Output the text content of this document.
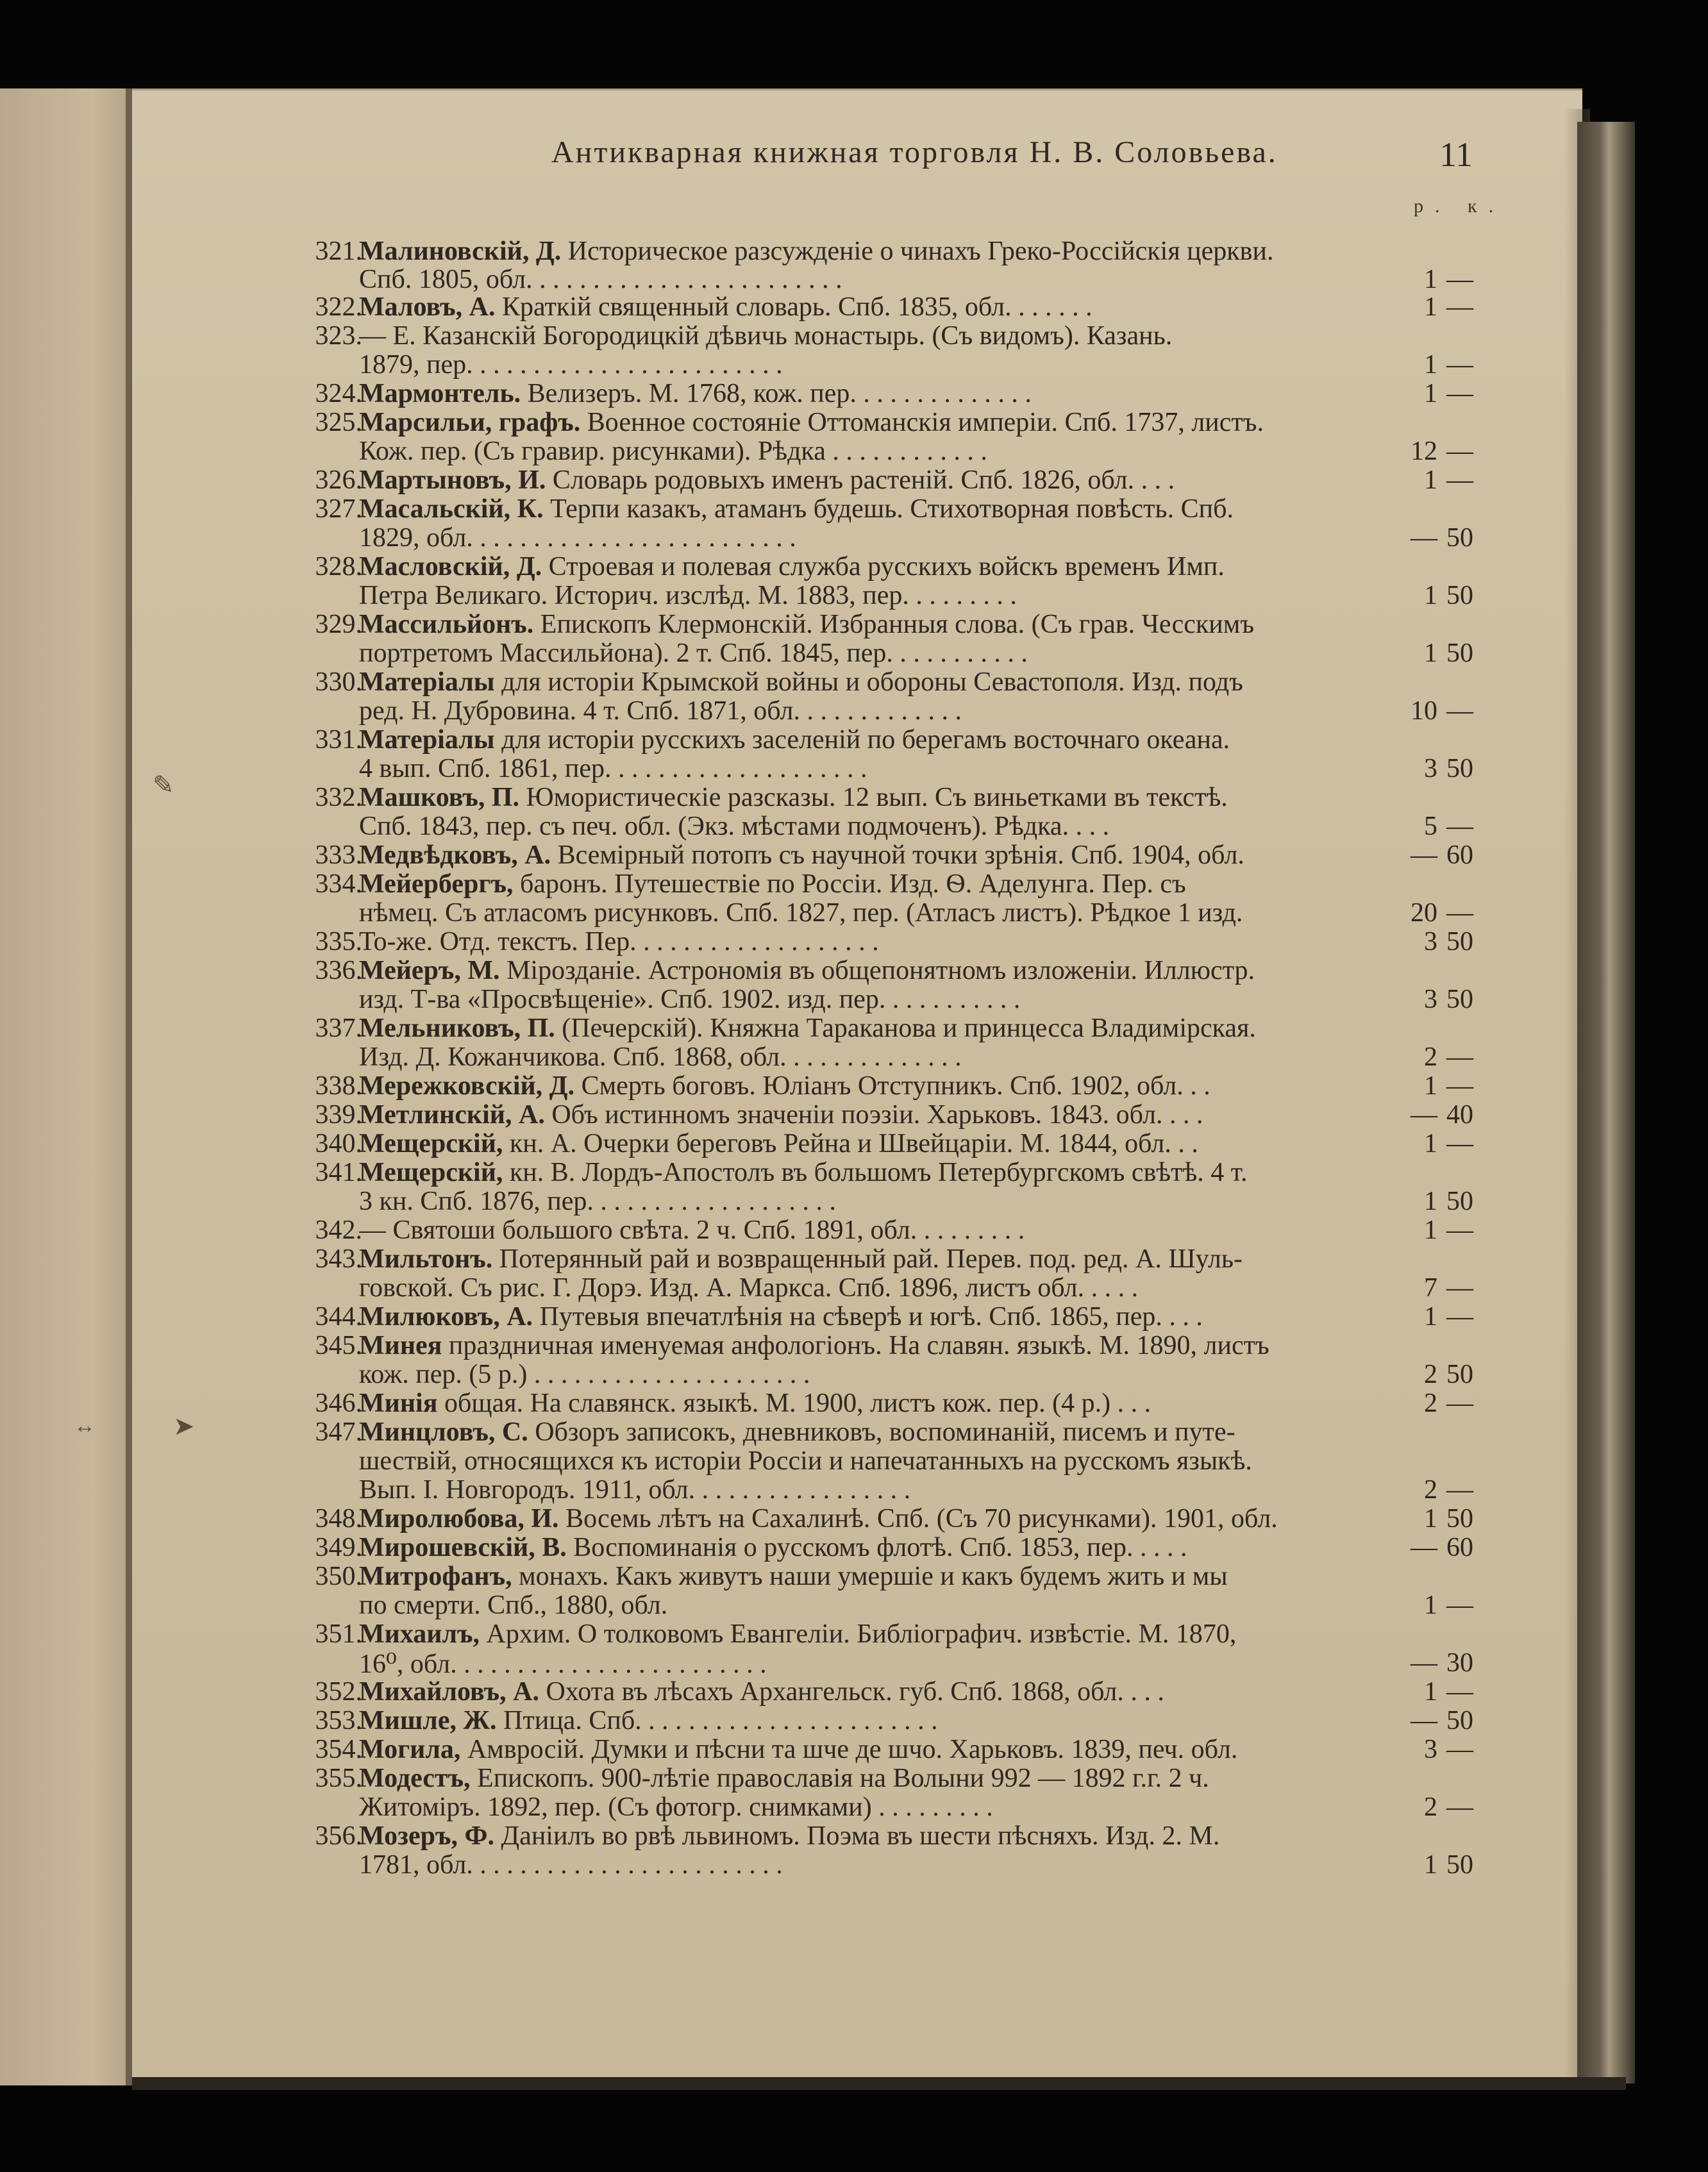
✎
➤
↔
Антикварная книжная торговля Н. В. Соловьева.	11
р. к.
321.
Малиновскій, Д. Историческое разсужденіе о чинахъ Греко-Россійскія церкви.
Спб. 1805, обл. . . . . . . . . . . . . . . . . . . . . . . .	1 —
322.
Маловъ, А. Краткій священный словарь. Спб. 1835, обл. . . . . . .	1 —
323.
— Е. Казанскій Богородицкій дѣвичь монастырь. (Съ видомъ). Казань.
1879, пер. . . . . . . . . . . . . . . . . . . . . . . .	1 —
324.
Мармонтель. Велизеръ. М. 1768, кож. пер. . . . . . . . . . . . . .	1 —
325.
Марсильи, графъ. Военное состояніе Оттоманскія имперіи. Спб. 1737, листъ.
Кож. пер. (Съ гравир. рисунками). Рѣдка . . . . . . . . . . . .	12 —
326.
Мартыновъ, И. Словарь родовыхъ именъ растеній. Спб. 1826, обл. . . .	1 —
327.
Масальскій, К. Терпи казакъ, атаманъ будешь. Стихотворная повѣсть. Спб.
1829, обл. . . . . . . . . . . . . . . . . . . . . . . . .	— 50
328.
Масловскій, Д. Строевая и полевая служба русскихъ войскъ временъ Имп.
Петра Великаго. Историч. изслѣд. М. 1883, пер. . . . . . . . .	1 50
329.
Массильйонъ. Епископъ Клермонскій. Избранныя слова. (Съ грав. Чесскимъ
портретомъ Массильйона). 2 т. Спб. 1845, пер. . . . . . . . . . .	1 50
330.
Матеріалы для исторіи Крымской войны и обороны Севастополя. Изд. подъ
ред. Н. Дубровина. 4 т. Спб. 1871, обл. . . . . . . . . . . . .	10 —
331.
Матеріалы для исторіи русскихъ заселеній по берегамъ восточнаго океана.
4 вып. Спб. 1861, пер. . . . . . . . . . . . . . . . . . . .	3 50
332.
Машковъ, П. Юмористическіе разсказы. 12 вып. Съ виньетками въ текстѣ.
Спб. 1843, пер. съ печ. обл. (Экз. мѣстами подмоченъ). Рѣдка. . . .	5 —
333.
Медвѣдковъ, А. Всемірный потопъ съ научной точки зрѣнія. Спб. 1904, обл.	— 60
334.
Мейербергъ, баронъ. Путешествіе по Россіи. Изд. Ѳ. Аделунга. Пер. съ
нѣмец. Съ атласомъ рисунковъ. Спб. 1827, пер. (Атласъ листъ). Рѣдкое 1 изд.	20 —
335.
То-же. Отд. текстъ. Пер. . . . . . . . . . . . . . . . . . .	3 50
336.
Мейеръ, М. Мірозданіе. Астрономія въ общепонятномъ изложеніи. Иллюстр.
изд. Т-ва «Просвѣщеніе». Спб. 1902. изд. пер. . . . . . . . . . .	3 50
337.
Мельниковъ, П. (Печерскій). Княжна Тараканова и принцесса Владимірская.
Изд. Д. Кожанчикова. Спб. 1868, обл. . . . . . . . . . . . . .	2 —
338.
Мережковскій, Д. Смерть боговъ. Юліанъ Отступникъ. Спб. 1902, обл. . .	1 —
339.
Метлинскій, А. Объ истинномъ значеніи поэзіи. Харьковъ. 1843. обл. . . .	— 40
340.
Мещерскій, кн. А. Очерки береговъ Рейна и Швейцаріи. М. 1844, обл. . .	1 —
341.
Мещерскій, кн. В. Лордъ-Апостолъ въ большомъ Петербургскомъ свѣтѣ. 4 т.
3 кн. Спб. 1876, пер. . . . . . . . . . . . . . . . . . .	1 50
342.
— Святоши большого свѣта. 2 ч. Спб. 1891, обл. . . . . . . . .	1 —
343.
Мильтонъ. Потерянный рай и возвращенный рай. Перев. под. ред. А. Шуль-
говской. Съ рис. Г. Дорэ. Изд. А. Маркса. Спб. 1896, листъ обл. . . . .	7 —
344.
Милюковъ, А. Путевыя впечатлѣнія на сѣверѣ и югѣ. Спб. 1865, пер. . . .	1 —
345.
Минея праздничная именуемая анфологіонъ. На славян. языкѣ. М. 1890, листъ
кож. пер. (5 р.) . . . . . . . . . . . . . . . . . . . . .	2 50
346.
Минія общая. На славянск. языкѣ. М. 1900, листъ кож. пер. (4 р.) . . .	2 —
347.
Минцловъ, С. Обзоръ записокъ, дневниковъ, воспоминаній, писемъ и путе-
шествій, относящихся къ исторіи Россіи и напечатанныхъ на русскомъ языкѣ.
Вып. I. Новгородъ. 1911, обл. . . . . . . . . . . . . . . . .	2 —
348.
Миролюбова, И. Восемь лѣтъ на Сахалинѣ. Спб. (Съ 70 рисунками). 1901, обл.	1 50
349.
Мирошевскій, В. Воспоминанія о русскомъ флотѣ. Спб. 1853, пер. . . . .	— 60
350.
Митрофанъ, монахъ. Какъ живутъ наши умершіе и какъ будемъ жить и мы
по смерти. Спб., 1880, обл.	1 —
351.
Михаилъ, Архим. О толковомъ Евангеліи. Библіографич. извѣстіе. М. 1870,
16⁰, обл. . . . . . . . . . . . . . . . . . . . . . . .	— 30
352.
Михайловъ, А. Охота въ лѣсахъ Архангельск. губ. Спб. 1868, обл. . . .	1 —
353.
Мишле, Ж. Птица. Спб. . . . . . . . . . . . . . . . . . . . . . .	— 50
354.
Могила, Амвросій. Думки и пѣсни та шче де шчо. Харьковъ. 1839, печ. обл.	3 —
355.
Модестъ, Епископъ. 900-лѣтіе православія на Волыни 992 — 1892 г.г. 2 ч.
Житоміръ. 1892, пер. (Съ фотогр. снимками) . . . . . . . . .	2 —
356.
Мозеръ, Ф. Даніилъ во рвѣ львиномъ. Поэма въ шести пѣсняхъ. Изд. 2. М.
1781, обл. . . . . . . . . . . . . . . . . . . . . . . .	1 50
